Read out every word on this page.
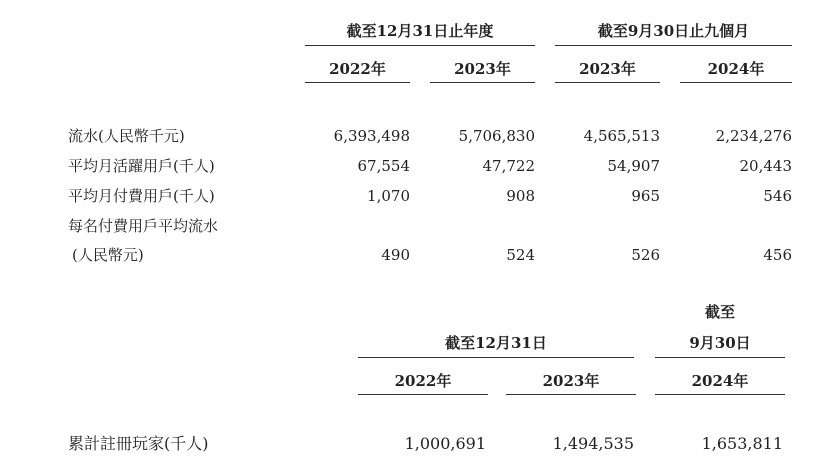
截至12月31日止年度	截至9月30日止九個月
2022年	2023年	2023年	2024年
流水(人民幣千元)	6,393,498	5,706,830	4,565,513	2,234,276
平均月活躍用戶(千人)	67,554	47,722	54,907	20,443
平均月付費用戶(千人)	1,070	908	965	546
每名付費用戶平均流水
(人民幣元)	490	524	526	456
截至
截至12月31日	9月30日
2022年	2023年	2024年
累計註冊玩家(千人)	1,000,691	1,494,535	1,653,811
